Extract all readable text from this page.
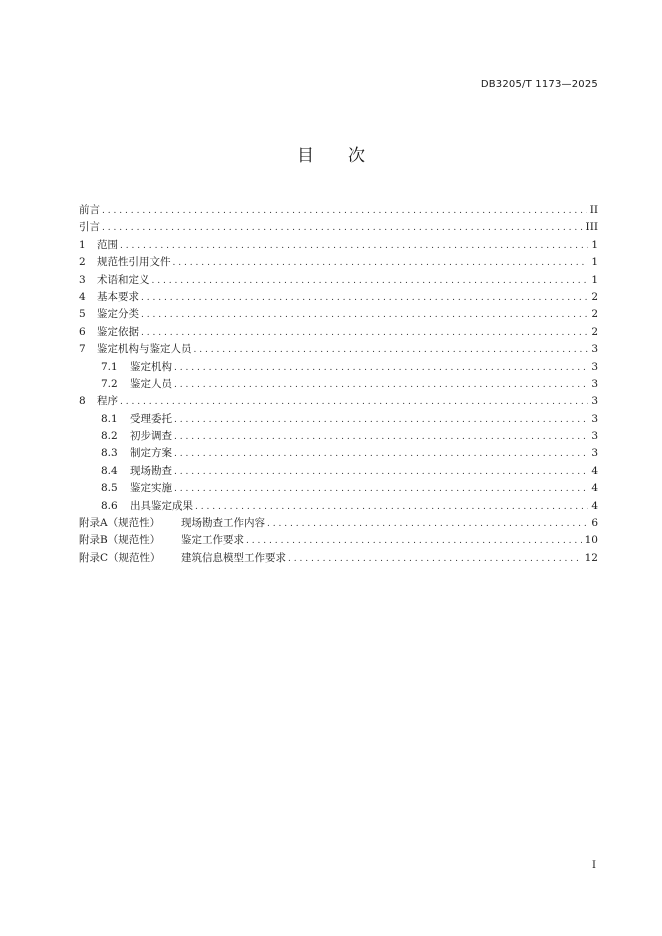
DB3205/T 1173—2025
目 次
前言 .....	II
引言 .....	III
1	范围 .....	1
2	规范性引用文件 .....	1
3	术语和定义 .....	1
4	基本要求 .....	2
5	鉴定分类 .....	2
6	鉴定依据 .....	2
7	鉴定机构与鉴定人员 .....	3
7.1	鉴定机构 .....	3
7.2	鉴定人员 .....	3
8	程序 .....	3
8.1	受理委托 .....	3
8.2	初步调查 .....	3
8.3	制定方案 .....	3
8.4	现场勘查 .....	4
8.5	鉴定实施 .....	4
8.6	出具鉴定成果 .....	4
附录A（规范性）	现场勘查工作内容 .....	6
附录B（规范性）	鉴定工作要求 .....	10
附录C（规范性）	建筑信息模型工作要求 .....	12
I
